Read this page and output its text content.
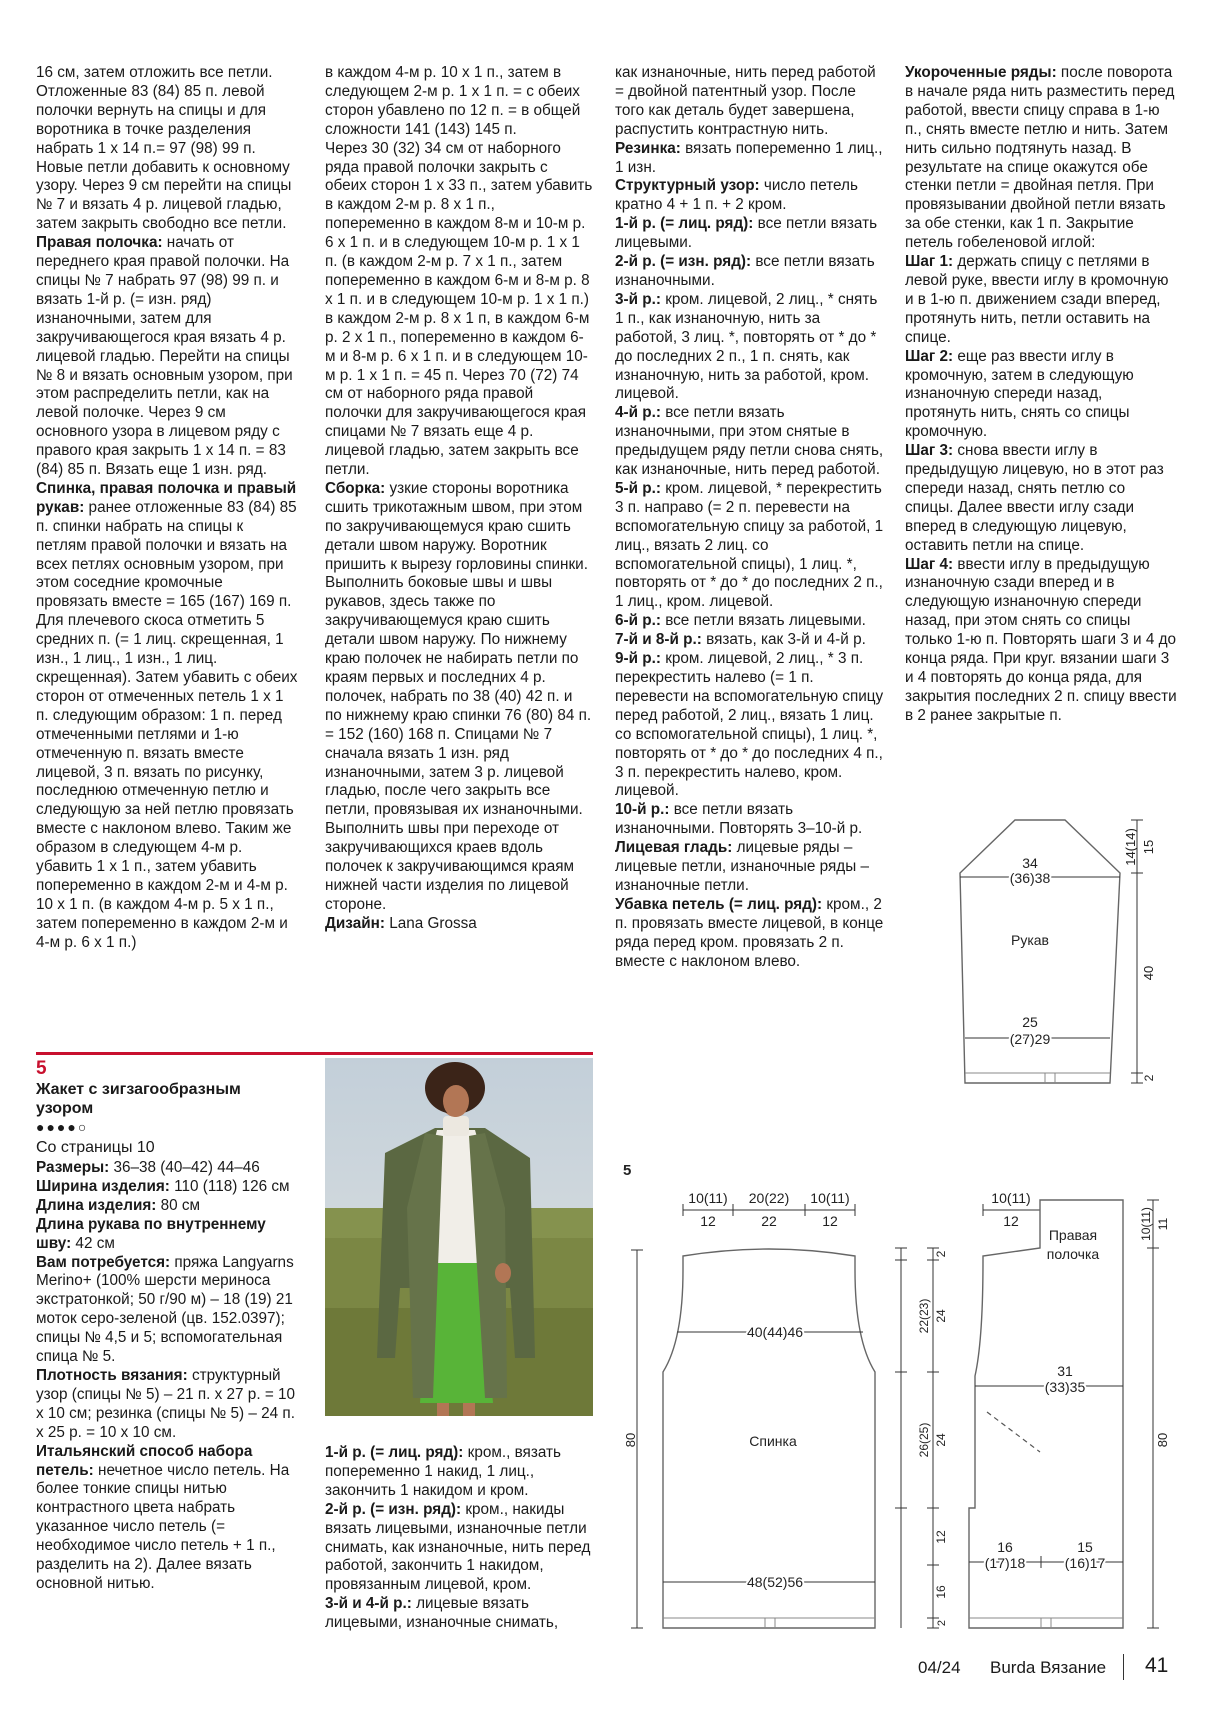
16 см, затем отложить все петли. Отложенные 83 (84) 85 п. левой полочки вернуть на спицы и для воротника в точке разделения набрать 1 х 14 п.= 97 (98) 99 п. Новые петли добавить к основному узору. Через 9 см перейти на спицы № 7 и вязать 4 р. лицевой гладью, затем закрыть свободно все петли.

Правая полочка: начать от переднего края правой полочки. На спицы № 7 набрать 97 (98) 99 п. и вязать 1-й р. (= изн. ряд) изнаночными, затем для закручивающегося края вязать 4 р. лицевой гладью. Перейти на спицы № 8 и вязать основным узором, при этом распределить петли, как на левой полочке. Через 9 см основного узора в лицевом ряду с правого края закрыть 1 х 14 п. = 83 (84) 85 п. Вязать еще 1 изн. ряд.

Спинка, правая полочка и правый рукав: ранее отложенные 83 (84) 85 п. спинки набрать на спицы к петлям правой полочки и вязать на всех петлях основным узором, при этом соседние кромочные провязать вместе = 165 (167) 169 п. Для плечевого скоса отметить 5 средних п. (= 1 лиц. скрещенная, 1 изн., 1 лиц., 1 изн., 1 лиц. скрещенная). Затем убавить с обеих сторон от отмеченных петель 1 х 1 п. следующим образом: 1 п. перед отмеченными петлями и 1-ю отмеченную п. вязать вместе лицевой, 3 п. вязать по рисунку, последнюю отмеченную петлю и следующую за ней петлю провязать вместе с наклоном влево. Таким же образом в следующем 4-м р. убавить 1 х 1 п., затем убавить попеременно в каждом 2-м и 4-м р. 10 х 1 п. (в каждом 4-м р. 5 х 1 п., затем попеременно в каждом 2-м и 4-м р. 6 х 1 п.)

в каждом 4-м р. 10 х 1 п., затем в следующем 2-м р. 1 х 1 п. = с обеих сторон убавлено по 12 п. = в общей сложности 141 (143) 145 п.

Через 30 (32) 34 см от наборного ряда правой полочки закрыть с обеих сторон 1 х 33 п., затем убавить в каждом 2-м р. 8 х 1 п., попеременно в каждом 8-м и 10-м р. 6 х 1 п. и в следующем 10-м р. 1 х 1 п. (в каждом 2-м р. 7 х 1 п., затем попеременно в каждом 6-м и 8-м р. 8 х 1 п. и в следующем 10-м р. 1 х 1 п.) в каждом 2-м р. 8 х 1 п, в каждом 6-м р. 2 х 1 п., попеременно в каждом 6-м и 8-м р. 6 х 1 п. и в следующем 10-м р. 1 х 1 п. = 45 п. Через 70 (72) 74 см от наборного ряда правой полочки для закручивающегося края спицами № 7 вязать еще 4 р. лицевой гладью, затем закрыть все петли.

Сборка: узкие стороны воротника сшить трикотажным швом, при этом по закручивающемуся краю сшить детали швом наружу. Воротник пришить к вырезу горловины спинки. Выполнить боковые швы и швы рукавов, здесь также по закручивающемуся краю сшить детали швом наружу. По нижнему краю полочек не набирать петли по краям первых и последних 4 р. полочек, набрать по 38 (40) 42 п. и по нижнему краю спинки 76 (80) 84 п. = 152 (160) 168 п. Спицами № 7 сначала вязать 1 изн. ряд изнаночными, затем 3 р. лицевой гладью, после чего закрыть все петли, провязывая их изнаночными. Выполнить швы при переходе от закручивающихся краев вдоль полочек к закручивающимся краям нижней части изделия по лицевой стороне.

Дизайн: Lana Grossa

как изнаночные, нить перед работой = двойной патентный узор. После того как деталь будет завершена, распустить контрастную нить.

Резинка: вязать попеременно 1 лиц., 1 изн.

Структурный узор: число петель кратно 4 + 1 п. + 2 кром.

1-й р. (= лиц. ряд): все петли вязать лицевыми.

2-й р. (= изн. ряд): все петли вязать изнаночными.

3-й р.: кром. лицевой, 2 лиц., * снять 1 п., как изнаночную, нить за работой, 3 лиц. *, повторять от * до * до последних 2 п., 1 п. снять, как изнаночную, нить за работой, кром. лицевой.

4-й р.: все петли вязать изнаночными, при этом снятые в предыдущем ряду петли снова снять, как изнаночные, нить перед работой.

5-й р.: кром. лицевой, * перекрестить 3 п. направо (= 2 п. перевести на вспомогательную спицу за работой, 1 лиц., вязать 2 лиц. со вспомогательной спицы), 1 лиц. *, повторять от * до * до последних 2 п., 1 лиц., кром. лицевой.

6-й р.: все петли вязать лицевыми.

7-й и 8-й р.: вязать, как 3-й и 4-й р.

9-й р.: кром. лицевой, 2 лиц., * 3 п. перекрестить налево (= 1 п. перевести на вспомогательную спицу перед работой, 2 лиц., вязать 1 лиц. со вспомогательной спицы), 1 лиц. *, повторять от * до * до последних 4 п., 3 п. перекрестить налево, кром. лицевой.

10-й р.: все петли вязать изнаночными. Повторять 3–10-й р.

Лицевая гладь: лицевые ряды – лицевые петли, изнаночные ряды – изнаночные петли.

Убавка петель (= лиц. ряд): кром., 2 п. провязать вместе лицевой, в конце ряда перед кром. провязать 2 п. вместе с наклоном влево.

Укороченные ряды: после поворота в начале ряда нить разместить перед работой, ввести спицу справа в 1-ю п., снять вместе петлю и нить. Затем нить сильно подтянуть назад. В результате на спице окажутся обе стенки петли = двойная петля. При провязывании двойной петли вязать за обе стенки, как 1 п. Закрытие петель гобеленовой иглой:

Шаг 1: держать спицу с петлями в левой руке, ввести иглу в кромочную и в 1-ю п. движением сзади вперед, протянуть нить, петли оставить на спице.

Шаг 2: еще раз ввести иглу в кромочную, затем в следующую изнаночную спереди назад, протянуть нить, снять со спицы кромочную.

Шаг 3: снова ввести иглу в предыдущую лицевую, но в этот раз спереди назад, снять петлю со спицы. Далее ввести иглу сзади вперед в следующую лицевую, оставить петли на спице.

Шаг 4: ввести иглу в предыдущую изнаночную сзади вперед и в следующую изнаночную спереди назад, при этом снять со спицы только 1-ю п. Повторять шаги 3 и 4 до конца ряда. При круг. вязании шаги 3 и 4 повторять до конца ряда, для закрытия последних 2 п. спицу ввести в 2 ранее закрытые п.

5
Жакет с зигзагообразным узором
●●●●○
Со страницы 10

Размеры: 36–38 (40–42) 44–46

Ширина изделия: 110 (118) 126 см

Длина изделия: 80 см

Длина рукава по внутреннему шву: 42 см

Вам потребуется: пряжа Langyarns Merino+ (100% шерсти мериноса экстратонкой; 50 г/90 м) – 18 (19) 21 моток серо-зеленой (цв. 152.0397); спицы № 4,5 и 5; вспомогательная спица № 5.

Плотность вязания: структурный узор (спицы № 5) – 21 п. х 27 р. = 10 х 10 см; резинка (спицы № 5) – 24 п. х 25 р. = 10 х 10 см.

Итальянский способ набора петель: нечетное число петель. На более тонкие спицы нитью контрастного цвета набрать указанное число петель (= необходимое число петель + 1 п., разделить на 2). Далее вязать основной нитью.

1-й р. (= лиц. ряд): кром., вязать попеременно 1 накид, 1 лиц., закончить 1 накидом и кром.

2-й р. (= изн. ряд): кром., накиды вязать лицевыми, изнаночные петли снимать, как изнаночные, нить перед работой, закончить 1 накидом, провязанным лицевой, кром.

3-й и 4-й р.: лицевые вязать лицевыми, изнаночные снимать,

34
(36)38
Рукав
25
(27)29
14(14) 15
40
2
5
10(11)
12
20(22)
22
10(11)
12
40(44)46
Спинка
48(52)56
80
2
22(23) 24
26(25) 24
12
16
2
10(11)
12
Правая
полочка
31
(33)35
16
(17)18
15
(16)17
10(11) 11
80
04/24 Burda Вязание 41
